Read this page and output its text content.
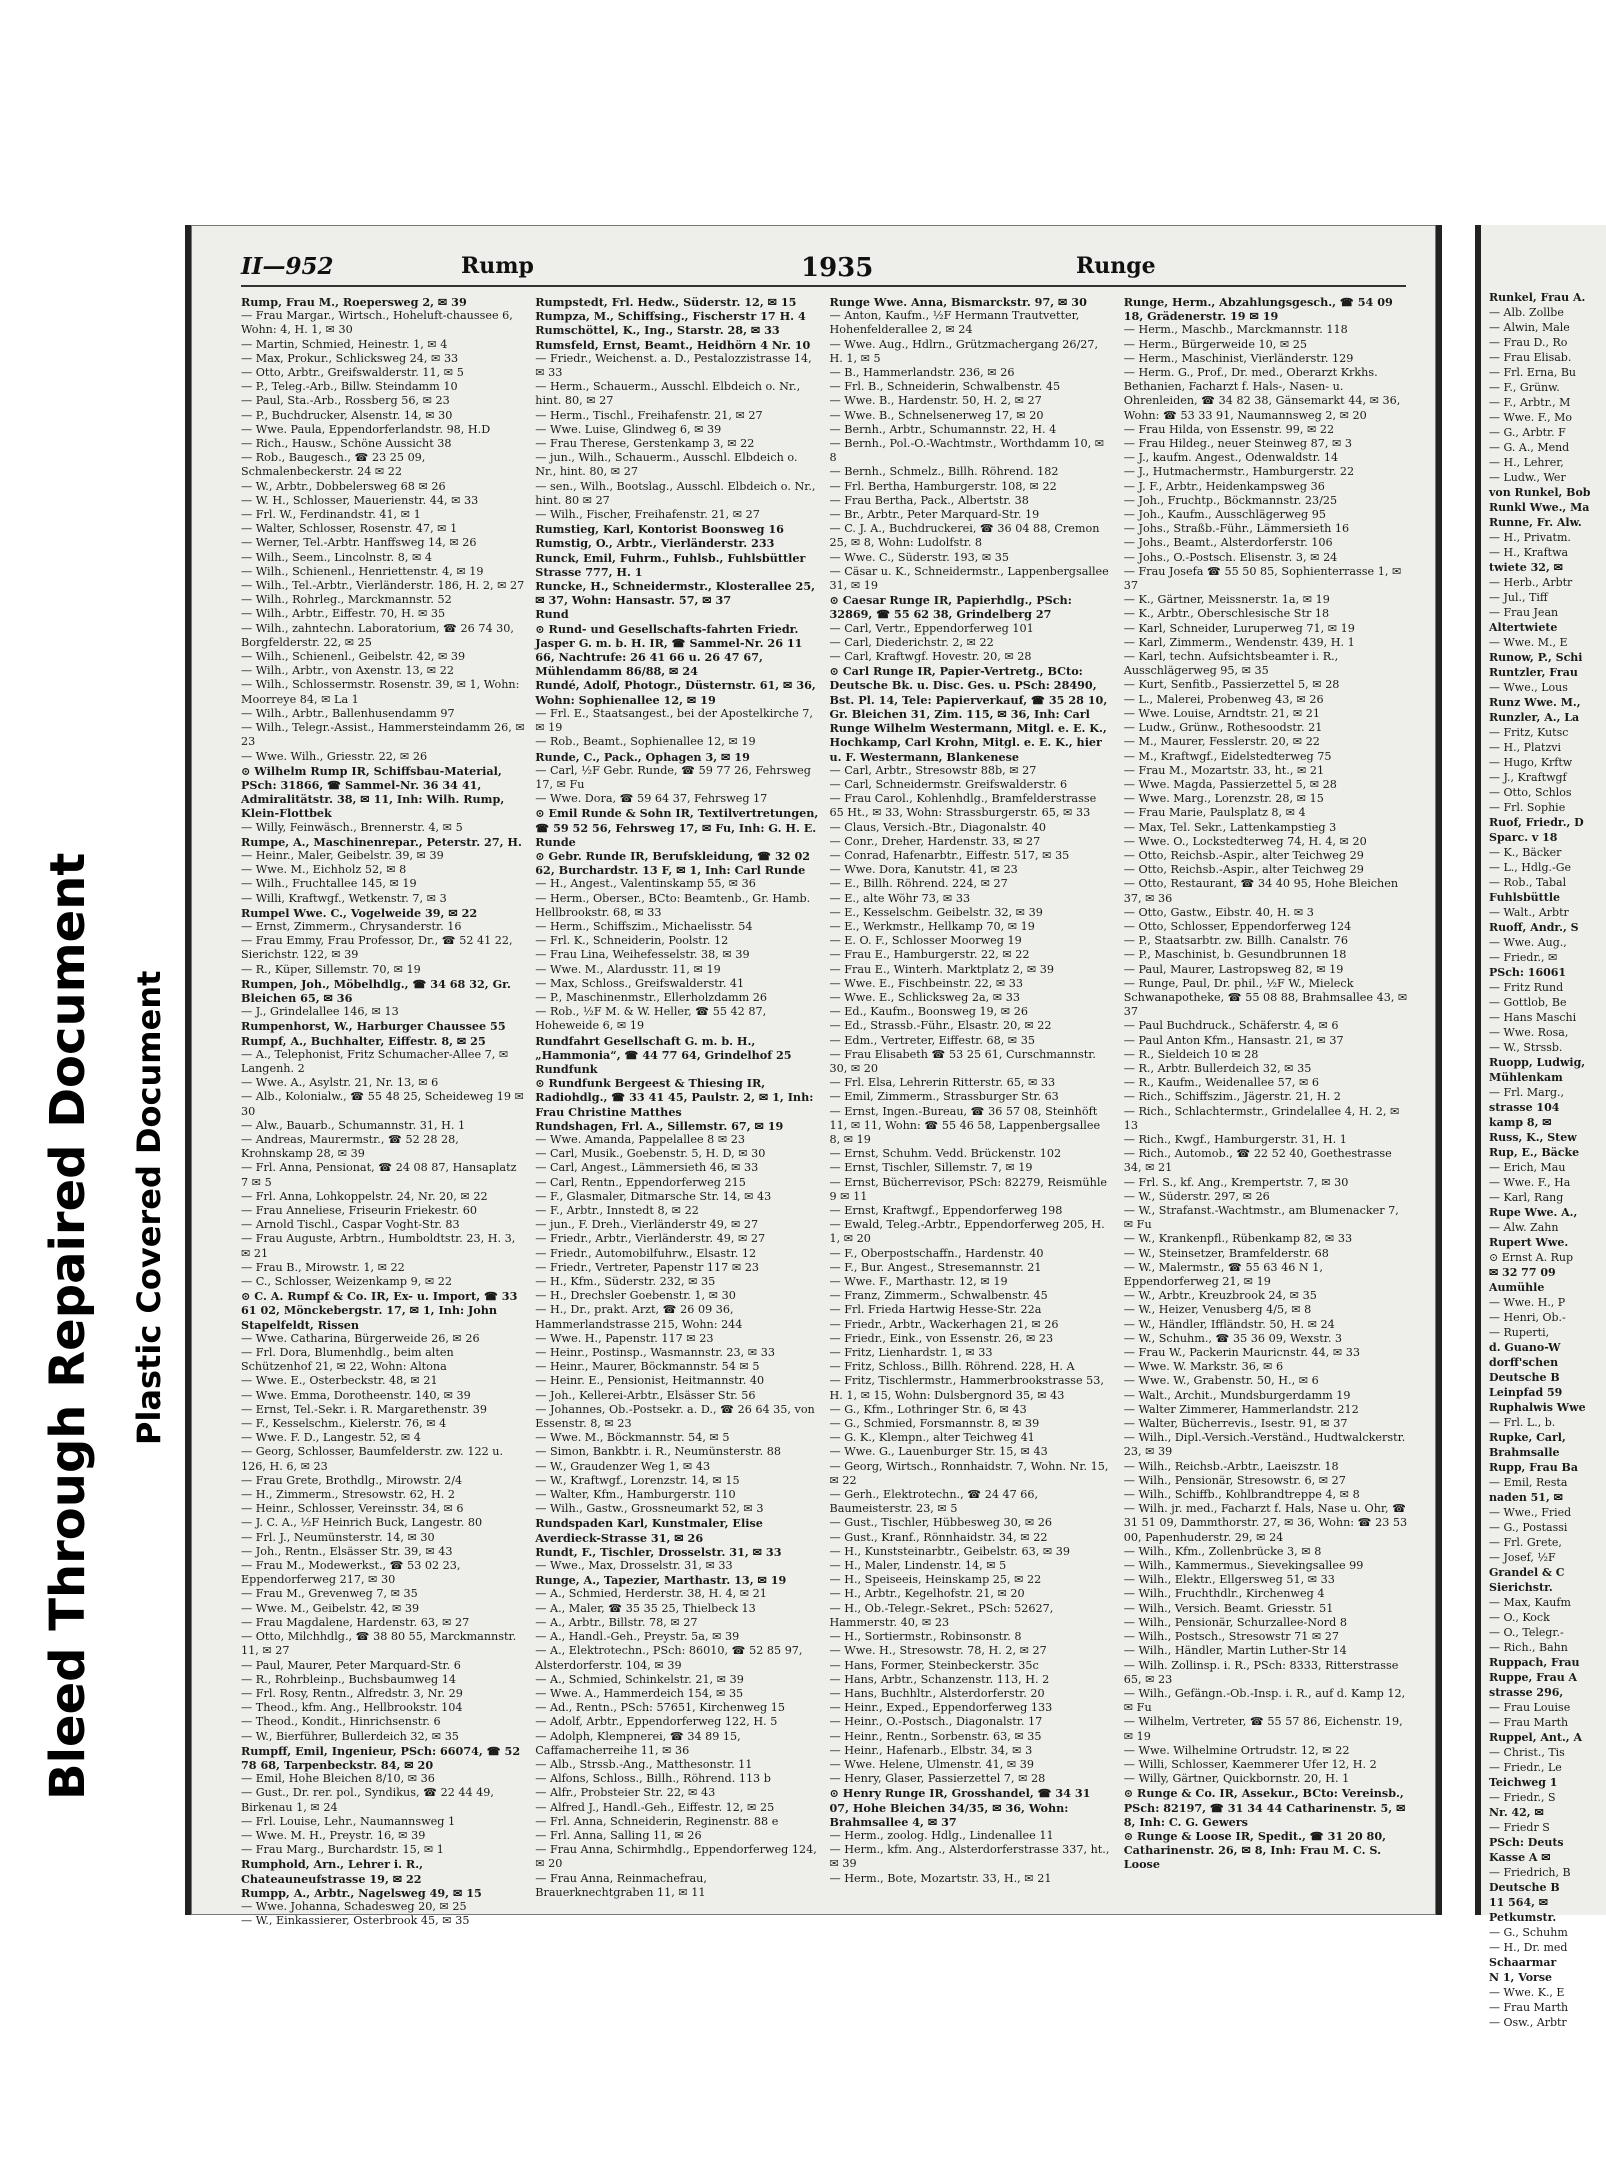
Bleed Through Repaired Document Plastic Covered Document
II—952	Rump	1935	Runge
Rump, Frau M., Roepersweg 2, ✉ 39
— Frau Margar., Wirtsch., Hoheluft-chaussee 6, Wohn: 4, H. 1, ✉ 30
— Martin, Schmied, Heinestr. 1, ✉ 4
— Max, Prokur., Schlicksweg 24, ✉ 33
— Otto, Arbtr., Greifswalderstr. 11, ✉ 5
— P., Teleg.-Arb., Billw. Steindamm 10
— Paul, Sta.-Arb., Rossberg 56, ✉ 23
— P., Buchdrucker, Alsenstr. 14, ✉ 30
— Wwe. Paula, Eppendorferlandstr. 98, H.D
— Rich., Hausw., Schöne Aussicht 38
— Rob., Baugesch., ☎ 23 25 09, Schmalenbeckerstr. 24 ✉ 22
— W., Arbtr., Dobbelersweg 68 ✉ 26
— W. H., Schlosser, Mauerienstr. 44, ✉ 33
— Frl. W., Ferdinandstr. 41, ✉ 1
— Walter, Schlosser, Rosenstr. 47, ✉ 1
— Werner, Tel.-Arbtr. Hanffsweg 14, ✉ 26
— Wilh., Seem., Lincolnstr. 8, ✉ 4
— Wilh., Schienenl., Henriettenstr. 4, ✉ 19
— Wilh., Tel.-Arbtr., Vierländerstr. 186, H. 2, ✉ 27
— Wilh., Rohrleg., Marckmannstr. 52
— Wilh., Arbtr., Eiffestr. 70, H. ✉ 35
— Wilh., zahntechn. Laboratorium, ☎ 26 74 30, Borgfelderstr. 22, ✉ 25
— Wilh., Schienenl., Geibelstr. 42, ✉ 39
— Wilh., Arbtr., von Axenstr. 13, ✉ 22
— Wilh., Schlossermstr. Rosenstr. 39, ✉ 1, Wohn: Moorreye 84, ✉ La 1
— Wilh., Arbtr., Ballenhusendamm 97
— Wilh., Telegr.-Assist., Hammersteindamm 26, ✉ 23
— Wwe. Wilh., Griesstr. 22, ✉ 26
⊙ Wilhelm Rump IR, Schiffsbau-Material, PSch: 31866, ☎ Sammel-Nr. 36 34 41, Admiralitätstr. 38, ✉ 11, Inh: Wilh. Rump, Klein-Flottbek
— Willy, Feinwäsch., Brennerstr. 4, ✉ 5
Rumpe, A., Maschinenrepar., Peterstr. 27, H.
— Heinr., Maler, Geibelstr. 39, ✉ 39
— Wwe. M., Eichholz 52, ✉ 8
— Wilh., Fruchtallee 145, ✉ 19
— Willi, Kraftwgf., Wetkenstr. 7, ✉ 3
Rumpel Wwe. C., Vogelweide 39, ✉ 22
— Ernst, Zimmerm., Chrysanderstr. 16
— Frau Emmy, Frau Professor, Dr., ☎ 52 41 22, Sierichstr. 122, ✉ 39
— R., Küper, Sillemstr. 70, ✉ 19
Rumpen, Joh., Möbelhdlg., ☎ 34 68 32, Gr. Bleichen 65, ✉ 36
— J., Grindelallee 146, ✉ 13
Rumpenhorst, W., Harburger Chaussee 55
Rumpf, A., Buchhalter, Eiffestr. 8, ✉ 25
— A., Telephonist, Fritz Schumacher-Allee 7, ✉ Langenh. 2
— Wwe. A., Asylstr. 21, Nr. 13, ✉ 6
— Alb., Kolonialw., ☎ 55 48 25, Scheideweg 19 ✉ 30
— Alw., Bauarb., Schumannstr. 31, H. 1
— Andreas, Maurermstr., ☎ 52 28 28, Krohnskamp 28, ✉ 39
— Frl. Anna, Pensionat, ☎ 24 08 87, Hansaplatz 7 ✉ 5
— Frl. Anna, Lohkoppelstr. 24, Nr. 20, ✉ 22
— Frau Anneliese, Friseurin Friekestr. 60
— Arnold Tischl., Caspar Voght-Str. 83
— Frau Auguste, Arbtrn., Humboldtstr. 23, H. 3, ✉ 21
— Frau B., Mirowstr. 1, ✉ 22
— C., Schlosser, Weizenkamp 9, ✉ 22
⊙ C. A. Rumpf & Co. IR, Ex- u. Import, ☎ 33 61 02, Mönckebergstr. 17, ✉ 1, Inh: John Stapelfeldt, Rissen
— Wwe. Catharina, Bürgerweide 26, ✉ 26
— Frl. Dora, Blumenhdlg., beim alten Schützenhof 21, ✉ 22, Wohn: Altona
— Wwe. E., Osterbeckstr. 48, ✉ 21
— Wwe. Emma, Dorotheenstr. 140, ✉ 39
— Ernst, Tel.-Sekr. i. R. Margarethenstr. 39
— F., Kesselschm., Kielerstr. 76, ✉ 4
— Wwe. F. D., Langestr. 52, ✉ 4
— Georg, Schlosser, Baumfelderstr. zw. 122 u. 126, H. 6, ✉ 23
— Frau Grete, Brothdlg., Mirowstr. 2/4
— H., Zimmerm., Stresowstr. 62, H. 2
— Heinr., Schlosser, Vereinsstr. 34, ✉ 6
— J. C. A., ½F Heinrich Buck, Langestr. 80
— Frl. J., Neumünsterstr. 14, ✉ 30
— Joh., Rentn., Elsässer Str. 39, ✉ 43
— Frau M., Modewerkst., ☎ 53 02 23, Eppendorferweg 217, ✉ 30
— Frau M., Grevenweg 7, ✉ 35
— Wwe. M., Geibelstr. 42, ✉ 39
— Frau Magdalene, Hardenstr. 63, ✉ 27
— Otto, Milchhdlg., ☎ 38 80 55, Marckmannstr. 11, ✉ 27
— Paul, Maurer, Peter Marquard-Str. 6
— R., Rohrbleinp., Buchsbaumweg 14
— Frl. Rosy, Rentn., Alfredstr. 3, Nr. 29
— Theod., kfm. Ang., Hellbrookstr. 104
— Theod., Kondit., Hinrichsenstr. 6
— W., Bierführer, Bullerdeich 32, ✉ 35
Rumpff, Emil, Ingenieur, PSch: 66074, ☎ 52 78 68, Tarpenbeckstr. 84, ✉ 20
— Emil, Hohe Bleichen 8/10, ✉ 36
— Gust., Dr. rer. pol., Syndikus, ☎ 22 44 49, Birkenau 1, ✉ 24
— Frl. Louise, Lehr., Naumannsweg 1
— Wwe. M. H., Preystr. 16, ✉ 39
— Frau Marg., Burchardstr. 15, ✉ 1
Rumphold, Arn., Lehrer i. R., Chateauneufstrasse 19, ✉ 22
Rumpp, A., Arbtr., Nagelsweg 49, ✉ 15
— Wwe. Johanna, Schadesweg 20, ✉ 25
— W., Einkassierer, Osterbrook 45, ✉ 35
Rumpstedt, Frl. Hedw., Süderstr. 12, ✉ 15
Rumpza, M., Schiffsing., Fischerstr 17 H. 4
Rumschöttel, K., Ing., Starstr. 28, ✉ 33
Rumsfeld, Ernst, Beamt., Heidhörn 4 Nr. 10
— Friedr., Weichenst. a. D., Pestalozzistrasse 14, ✉ 33
— Herm., Schauerm., Ausschl. Elbdeich o. Nr., hint. 80, ✉ 27
— Herm., Tischl., Freihafenstr. 21, ✉ 27
— Wwe. Luise, Glindweg 6, ✉ 39
— Frau Therese, Gerstenkamp 3, ✉ 22
— jun., Wilh., Schauerm., Ausschl. Elbdeich o. Nr., hint. 80, ✉ 27
— sen., Wilh., Bootslag., Ausschl. Elbdeich o. Nr., hint. 80 ✉ 27
— Wilh., Fischer, Freihafenstr. 21, ✉ 27
Rumstieg, Karl, Kontorist Boonsweg 16
Rumstig, O., Arbtr., Vierländerstr. 233
Runck, Emil, Fuhrm., Fuhlsb., Fuhlsbüttler Strasse 777, H. 1
Runcke, H., Schneidermstr., Klosterallee 25, ✉ 37, Wohn: Hansastr. 57, ✉ 37
Rund
⊙ Rund- und Gesellschafts-fahrten Friedr. Jasper G. m. b. H. IR, ☎ Sammel-Nr. 26 11 66, Nachtrufe: 26 41 66 u. 26 47 67, Mühlendamm 86/88, ✉ 24
Rundé, Adolf, Photogr., Düsternstr. 61, ✉ 36, Wohn: Sophienallee 12, ✉ 19
— Frl. E., Staatsangest., bei der Apostelkirche 7, ✉ 19
— Rob., Beamt., Sophienallee 12, ✉ 19
Runde, C., Pack., Ophagen 3, ✉ 19
— Carl, ½F Gebr. Runde, ☎ 59 77 26, Fehrsweg 17, ✉ Fu
— Wwe. Dora, ☎ 59 64 37, Fehrsweg 17
⊙ Emil Runde & Sohn IR, Textilvertretungen, ☎ 59 52 56, Fehrsweg 17, ✉ Fu, Inh: G. H. E. Runde
⊙ Gebr. Runde IR, Berufskleidung, ☎ 32 02 62, Burchardstr. 13 F, ✉ 1, Inh: Carl Runde
— H., Angest., Valentinskamp 55, ✉ 36
— Herm., Oberser., BCto: Beamtenb., Gr. Hamb. Hellbrookstr. 68, ✉ 33
— Herm., Schiffszim., Michaelisstr. 54
— Frl. K., Schneiderin, Poolstr. 12
— Frau Lina, Weihefesselstr. 38, ✉ 39
— Wwe. M., Alardusstr. 11, ✉ 19
— Max, Schloss., Greifswalderstr. 41
— P., Maschinenmstr., Ellerholzdamm 26
— Rob., ½F M. & W. Heller, ☎ 55 42 87, Hoheweide 6, ✉ 19
Rundfahrt Gesellschaft G. m. b. H., „Hammonia“, ☎ 44 77 64, Grindelhof 25
Rundfunk
⊙ Rundfunk Bergeest & Thiesing IR, Radiohdlg., ☎ 33 41 45, Paulstr. 2, ✉ 1, Inh: Frau Christine Matthes
Rundshagen, Frl. A., Sillemstr. 67, ✉ 19
— Wwe. Amanda, Pappelallee 8 ✉ 23
— Carl, Musik., Goebenstr. 5, H. D, ✉ 30
— Carl, Angest., Lämmersieth 46, ✉ 33
— Carl, Rentn., Eppendorferweg 215
— F., Glasmaler, Ditmarsche Str. 14, ✉ 43
— F., Arbtr., Innstedt 8, ✉ 22
— jun., F. Dreh., Vierländerstr 49, ✉ 27
— Friedr., Arbtr., Vierländerstr. 49, ✉ 27
— Friedr., Automobilfuhrw., Elsastr. 12
— Friedr., Vertreter, Papenstr 117 ✉ 23
— H., Kfm., Süderstr. 232, ✉ 35
— H., Drechsler Goebenstr. 1, ✉ 30
— H., Dr., prakt. Arzt, ☎ 26 09 36, Hammerlandstrasse 215, Wohn: 244
— Wwe. H., Papenstr. 117 ✉ 23
— Heinr., Postinsp., Wasmannstr. 23, ✉ 33
— Heinr., Maurer, Böckmannstr. 54 ✉ 5
— Heinr. E., Pensionist, Heitmannstr. 40
— Joh., Kellerei-Arbtr., Elsässer Str. 56
— Johannes, Ob.-Postsekr. a. D., ☎ 26 64 35, von Essenstr. 8, ✉ 23
— Wwe. M., Böckmannstr. 54, ✉ 5
— Simon, Bankbtr. i. R., Neumünsterstr. 88
— W., Graudenzer Weg 1, ✉ 43
— W., Kraftwgf., Lorenzstr. 14, ✉ 15
— Walter, Kfm., Hamburgerstr. 110
— Wilh., Gastw., Grossneumarkt 52, ✉ 3
Rundspaden Karl, Kunstmaler, Elise Averdieck-Strasse 31, ✉ 26
Rundt, F., Tischler, Drosselstr. 31, ✉ 33
— Wwe., Max, Drosselstr. 31, ✉ 33
Runge, A., Tapezier, Marthastr. 13, ✉ 19
— A., Schmied, Herderstr. 38, H. 4, ✉ 21
— A., Maler, ☎ 35 35 25, Thielbeck 13
— A., Arbtr., Billstr. 78, ✉ 27
— A., Handl.-Geh., Preystr. 5a, ✉ 39
— A., Elektrotechn., PSch: 86010, ☎ 52 85 97, Alsterdorferstr. 104, ✉ 39
— A., Schmied, Schinkelstr. 21, ✉ 39
— Wwe. A., Hammerdeich 154, ✉ 35
— Ad., Rentn., PSch: 57651, Kirchenweg 15
— Adolf, Arbtr., Eppendorferweg 122, H. 5
— Adolph, Klempnerei, ☎ 34 89 15, Caffamacherreihe 11, ✉ 36
— Alb., Strssb.-Ang., Matthesonstr. 11
— Alfons, Schloss., Billh., Röhrend. 113 b
— Alfr., Probsteier Str. 22, ✉ 43
— Alfred J., Handl.-Geh., Eiffestr. 12, ✉ 25
— Frl. Anna, Schneiderin, Reginenstr. 88 e
— Frl. Anna, Salling 11, ✉ 26
— Frau Anna, Schirmhdlg., Eppendorferweg 124, ✉ 20
— Frau Anna, Reinmachefrau, Brauerknechtgraben 11, ✉ 11
Runge Wwe. Anna, Bismarckstr. 97, ✉ 30
— Anton, Kaufm., ½F Hermann Trautvetter, Hohenfelderallee 2, ✉ 24
— Wwe. Aug., Hdlrn., Grützmachergang 26/27, H. 1, ✉ 5
— B., Hammerlandstr. 236, ✉ 26
— Frl. B., Schneiderin, Schwalbenstr. 45
— Wwe. B., Hardenstr. 50, H. 2, ✉ 27
— Wwe. B., Schnelsenerweg 17, ✉ 20
— Bernh., Arbtr., Schumannstr. 22, H. 4
— Bernh., Pol.-O.-Wachtmstr., Worthdamm 10, ✉ 8
— Bernh., Schmelz., Billh. Röhrend. 182
— Frl. Bertha, Hamburgerstr. 108, ✉ 22
— Frau Bertha, Pack., Albertstr. 38
— Br., Arbtr., Peter Marquard-Str. 19
— C. J. A., Buchdruckerei, ☎ 36 04 88, Cremon 25, ✉ 8, Wohn: Ludolfstr. 8
— Wwe. C., Süderstr. 193, ✉ 35
— Cäsar u. K., Schneidermstr., Lappenbergsallee 31, ✉ 19
⊙ Caesar Runge IR, Papierhdlg., PSch: 32869, ☎ 55 62 38, Grindelberg 27
— Carl, Vertr., Eppendorferweg 101
— Carl, Diederichstr. 2, ✉ 22
— Carl, Kraftwgf. Hovestr. 20, ✉ 28
⊙ Carl Runge IR, Papier-Vertretg., BCto: Deutsche Bk. u. Disc. Ges. u. PSch: 28490, Bst. Pl. 14, Tele: Papierverkauf, ☎ 35 28 10, Gr. Bleichen 31, Zim. 115, ✉ 36, Inh: Carl Runge Wilhelm Westermann, Mitgl. e. E. K., Hochkamp, Carl Krohn, Mitgl. e. E. K., hier u. F. Westermann, Blankenese
— Carl, Arbtr., Stresowstr 88b, ✉ 27
— Carl, Schneidermstr. Greifswalderstr. 6
— Frau Carol., Kohlenhdlg., Bramfelderstrasse 65 Ht., ✉ 33, Wohn: Strassburgerstr. 65, ✉ 33
— Claus, Versich.-Btr., Diagonalstr. 40
— Conr., Dreher, Hardenstr. 33, ✉ 27
— Conrad, Hafenarbtr., Eiffestr. 517, ✉ 35
— Wwe. Dora, Kanutstr. 41, ✉ 23
— E., Billh. Röhrend. 224, ✉ 27
— E., alte Wöhr 73, ✉ 33
— E., Kesselschm. Geibelstr. 32, ✉ 39
— E., Werkmstr., Hellkamp 70, ✉ 19
— E. O. F., Schlosser Moorweg 19
— Frau E., Hamburgerstr. 22, ✉ 22
— Frau E., Winterh. Marktplatz 2, ✉ 39
— Wwe. E., Fischbeinstr. 22, ✉ 33
— Wwe. E., Schlicksweg 2a, ✉ 33
— Ed., Kaufm., Boonsweg 19, ✉ 26
— Ed., Strassb.-Führ., Elsastr. 20, ✉ 22
— Edm., Vertreter, Eiffestr. 68, ✉ 35
— Frau Elisabeth ☎ 53 25 61, Curschmannstr. 30, ✉ 20
— Frl. Elsa, Lehrerin Ritterstr. 65, ✉ 33
— Emil, Zimmerm., Strassburger Str. 63
— Ernst, Ingen.-Bureau, ☎ 36 57 08, Steinhöft 11, ✉ 11, Wohn: ☎ 55 46 58, Lappenbergsallee 8, ✉ 19
— Ernst, Schuhm. Vedd. Brückenstr. 102
— Ernst, Tischler, Sillemstr. 7, ✉ 19
— Ernst, Bücherrevisor, PSch: 82279, Reismühle 9 ✉ 11
— Ernst, Kraftwgf., Eppendorferweg 198
— Ewald, Teleg.-Arbtr., Eppendorferweg 205, H. 1, ✉ 20
— F., Oberpostschaffn., Hardenstr. 40
— F., Bur. Angest., Stresemannstr. 21
— Wwe. F., Marthastr. 12, ✉ 19
— Franz, Zimmerm., Schwalbenstr. 45
— Frl. Frieda Hartwig Hesse-Str. 22a
— Friedr., Arbtr., Wackerhagen 21, ✉ 26
— Friedr., Eink., von Essenstr. 26, ✉ 23
— Fritz, Lienhardstr. 1, ✉ 33
— Fritz, Schloss., Billh. Röhrend. 228, H. A
— Fritz, Tischlermstr., Hammerbrookstrasse 53, H. 1, ✉ 15, Wohn: Dulsbergnord 35, ✉ 43
— G., Kfm., Lothringer Str. 6, ✉ 43
— G., Schmied, Forsmannstr. 8, ✉ 39
— G. K., Klempn., alter Teichweg 41
— Wwe. G., Lauenburger Str. 15, ✉ 43
— Georg, Wirtsch., Ronnhaidstr. 7, Wohn. Nr. 15, ✉ 22
— Gerh., Elektrotechn., ☎ 24 47 66, Baumeisterstr. 23, ✉ 5
— Gust., Tischler, Hübbesweg 30, ✉ 26
— Gust., Kranf., Rönnhaidstr. 34, ✉ 22
— H., Kunststeinarbtr., Geibelstr. 63, ✉ 39
— H., Maler, Lindenstr. 14, ✉ 5
— H., Speiseeis, Heinskamp 25, ✉ 22
— H., Arbtr., Kegelhofstr. 21, ✉ 20
— H., Ob.-Telegr.-Sekret., PSch: 52627, Hammerstr. 40, ✉ 23
— H., Sortiermstr., Robinsonstr. 8
— Wwe. H., Stresowstr. 78, H. 2, ✉ 27
— Hans, Former, Steinbeckerstr. 35c
— Hans, Arbtr., Schanzenstr. 113, H. 2
— Hans, Buchhltr., Alsterdorferstr. 20
— Heinr., Exped., Eppendorferweg 133
— Heinr., O.-Postsch., Diagonalstr. 17
— Heinr., Rentn., Sorbenstr. 63, ✉ 35
— Heinr., Hafenarb., Elbstr. 34, ✉ 3
— Wwe. Helene, Ulmenstr. 41, ✉ 39
— Henry, Glaser, Passierzettel 7, ✉ 28
⊙ Henry Runge IR, Grosshandel, ☎ 34 31 07, Hohe Bleichen 34/35, ✉ 36, Wohn: Brahmsallee 4, ✉ 37
— Herm., zoolog. Hdlg., Lindenallee 11
— Herm., kfm. Ang., Alsterdorferstrasse 337, ht., ✉ 39
— Herm., Bote, Mozartstr. 33, H., ✉ 21
Runge, Herm., Abzahlungsgesch., ☎ 54 09 18, Grädenerstr. 19 ✉ 19
— Herm., Maschb., Marckmannstr. 118
— Herm., Bürgerweide 10, ✉ 25
— Herm., Maschinist, Vierländerstr. 129
— Herm. G., Prof., Dr. med., Oberarzt Krkhs. Bethanien, Facharzt f. Hals-, Nasen- u. Ohrenleiden, ☎ 34 82 38, Gänsemarkt 44, ✉ 36, Wohn: ☎ 53 33 91, Naumannsweg 2, ✉ 20
— Frau Hilda, von Essenstr. 99, ✉ 22
— Frau Hildeg., neuer Steinweg 87, ✉ 3
— J., kaufm. Angest., Odenwaldstr. 14
— J., Hutmachermstr., Hamburgerstr. 22
— J. F., Arbtr., Heidenkampsweg 36
— Joh., Fruchtp., Böckmannstr. 23/25
— Joh., Kaufm., Ausschlägerweg 95
— Johs., Straßb.-Führ., Lämmersieth 16
— Johs., Beamt., Alsterdorferstr. 106
— Johs., O.-Postsch. Elisenstr. 3, ✉ 24
— Frau Josefa ☎ 55 50 85, Sophienterrasse 1, ✉ 37
— K., Gärtner, Meissnerstr. 1a, ✉ 19
— K., Arbtr., Oberschlesische Str 18
— Karl, Schneider, Luruperweg 71, ✉ 19
— Karl, Zimmerm., Wendenstr. 439, H. 1
— Karl, techn. Aufsichtsbeamter i. R., Ausschlägerweg 95, ✉ 35
— Kurt, Senfitb., Passierzettel 5, ✉ 28
— L., Malerei, Probenweg 43, ✉ 26
— Wwe. Louise, Arndtstr. 21, ✉ 21
— Ludw., Grünw., Rothesoodstr. 21
— M., Maurer, Fesslerstr. 20, ✉ 22
— M., Kraftwgf., Eidelstedterweg 75
— Frau M., Mozartstr. 33, ht., ✉ 21
— Wwe. Magda, Passierzettel 5, ✉ 28
— Wwe. Marg., Lorenzstr. 28, ✉ 15
— Frau Marie, Paulsplatz 8, ✉ 4
— Max, Tel. Sekr., Lattenkampstieg 3
— Wwe. O., Lockstedterweg 74, H. 4, ✉ 20
— Otto, Reichsb.-Aspir., alter Teichweg 29
— Otto, Reichsb.-Aspir., alter Teichweg 29
— Otto, Restaurant, ☎ 34 40 95, Hohe Bleichen 37, ✉ 36
— Otto, Gastw., Eibstr. 40, H. ✉ 3
— Otto, Schlosser, Eppendorferweg 124
— P., Staatsarbtr. zw. Billh. Canalstr. 76
— P., Maschinist, b. Gesundbrunnen 18
— Paul, Maurer, Lastropsweg 82, ✉ 19
— Runge, Paul, Dr. phil., ½F W., Mieleck Schwanapotheke, ☎ 55 08 88, Brahmsallee 43, ✉ 37
— Paul Buchdruck., Schäferstr. 4, ✉ 6
— Paul Anton Kfm., Hansastr. 21, ✉ 37
— R., Sieldeich 10 ✉ 28
— R., Arbtr. Bullerdeich 32, ✉ 35
— R., Kaufm., Weidenallee 57, ✉ 6
— Rich., Schiffszim., Jägerstr. 21, H. 2
— Rich., Schlachtermstr., Grindelallee 4, H. 2, ✉ 13
— Rich., Kwgf., Hamburgerstr. 31, H. 1
— Rich., Automob., ☎ 22 52 40, Goethestrasse 34, ✉ 21
— Frl. S., kf. Ang., Krempertstr. 7, ✉ 30
— W., Süderstr. 297, ✉ 26
— W., Strafanst.-Wachtmstr., am Blumenacker 7, ✉ Fu
— W., Krankenpfl., Rübenkamp 82, ✉ 33
— W., Steinsetzer, Bramfelderstr. 68
— W., Malermstr., ☎ 55 63 46 N 1, Eppendorferweg 21, ✉ 19
— W., Arbtr., Kreuzbrook 24, ✉ 35
— W., Heizer, Venusberg 4/5, ✉ 8
— W., Händler, Iffländstr. 50, H. ✉ 24
— W., Schuhm., ☎ 35 36 09, Wexstr. 3
— Frau W., Packerin Mauricnstr. 44, ✉ 33
— Wwe. W. Markstr. 36, ✉ 6
— Wwe. W., Grabenstr. 50, H., ✉ 6
— Walt., Archit., Mundsburgerdamm 19
— Walter Zimmerer, Hammerlandstr. 212
— Walter, Bücherrevis., Isestr. 91, ✉ 37
— Wilh., Dipl.-Versich.-Verständ., Hudtwalckerstr. 23, ✉ 39
— Wilh., Reichsb.-Arbtr., Laeiszstr. 18
— Wilh., Pensionär, Stresowstr. 6, ✉ 27
— Wilh., Schiffb., Kohlbrandtreppe 4, ✉ 8
— Wilh. jr. med., Facharzt f. Hals, Nase u. Ohr, ☎ 31 51 09, Dammthorstr. 27, ✉ 36, Wohn: ☎ 23 53 00, Papenhuderstr. 29, ✉ 24
— Wilh., Kfm., Zollenbrücke 3, ✉ 8
— Wilh., Kammermus., Sievekingsallee 99
— Wilh., Elektr., Ellgersweg 51, ✉ 33
— Wilh., Fruchthdlr., Kirchenweg 4
— Wilh., Versich. Beamt. Griesstr. 51
— Wilh., Pensionär, Schurzallee-Nord 8
— Wilh., Postsch., Stresowstr 71 ✉ 27
— Wilh., Händler, Martin Luther-Str 14
— Wilh. Zollinsp. i. R., PSch: 8333, Ritterstrasse 65, ✉ 23
— Wilh., Gefängn.-Ob.-Insp. i. R., auf d. Kamp 12, ✉ Fu
— Wilhelm, Vertreter, ☎ 55 57 86, Eichenstr. 19, ✉ 19
— Wwe. Wilhelmine Ortrudstr. 12, ✉ 22
— Willi, Schlosser, Kaemmerer Ufer 12, H. 2
— Willy, Gärtner, Quickbornstr. 20, H. 1
⊙ Runge & Co. IR, Assekur., BCto: Vereinsb., PSch: 82197, ☎ 31 34 44 Catharinenstr. 5, ✉ 8, Inh: C. G. Gewers
⊙ Runge & Loose IR, Spedit., ☎ 31 20 80, Catharinenstr. 26, ✉ 8, Inh: Frau M. C. S. Loose
Runkel, Frau A.
— Alb. Zollbe
— Alwin, Male
— Frau D., Ro
— Frau Elisab.
— Frl. Erna, Bu
— F., Grünw.
— F., Arbtr., M
— Wwe. F., Mo
— G., Arbtr. F
— G. A., Mend
— H., Lehrer,
— Ludw., Wer
von Runkel, Bob
Runkl Wwe., Ma
Runne, Fr. Alw.
— H., Privatm.
— H., Kraftwa
twiete 32, ✉
— Herb., Arbtr
— Jul., Tiff
— Frau Jean
Altertwiete
— Wwe. M., E
Runow, P., Schi
Runtzler, Frau
— Wwe., Lous
Runz Wwe. M.,
Runzler, A., La
— Fritz, Kutsc
— H., Platzvi
— Hugo, Krftw
— J., Kraftwgf
— Otto, Schlos
— Frl. Sophie
Ruof, Friedr., D
Sparc. v 18
— K., Bäcker
— L., Hdlg.-Ge
— Rob., Tabal
Fuhlsbüttle
— Walt., Arbtr
Ruoff, Andr., S
— Wwe. Aug.,
— Friedr., ✉
PSch: 16061
— Fritz Rund
— Gottlob, Be
— Hans Maschi
— Wwe. Rosa,
— W., Strssb.
Ruopp, Ludwig,
Mühlenkam
— Frl. Marg.,
strasse 104
kamp 8, ✉
Russ, K., Stew
Rup, E., Bäcke
— Erich, Mau
— Wwe. F., Ha
— Karl, Rang
Rupe Wwe. A.,
— Alw. Zahn
Rupert Wwe.
⊙ Ernst A. Rup
✉ 32 77 09
Aumühle
— Wwe. H., P
— Henri, Ob.-
— Ruperti,
d. Guano-W
dorff'schen
Deutsche B
Leinpfad 59
Ruphalwis Wwe
— Frl. L., b.
Rupke, Carl,
Brahmsalle
Rupp, Frau Ba
— Emil, Resta
naden 51, ✉
— Wwe., Fried
— G., Postassi
— Frl. Grete,
— Josef, ½F
Grandel & C
Sierichstr.
— Max, Kaufm
— O., Kock
— O., Telegr.-
— Rich., Bahn
Ruppach, Frau
Ruppe, Frau A
strasse 296,
— Frau Louise
— Frau Marth
Ruppel, Ant., A
— Christ., Tis
— Friedr., Le
Teichweg 1
— Friedr., S
Nr. 42, ✉
— Friedr S
PSch: Deuts
Kasse A ✉
— Friedrich, B
Deutsche B
11 564, ✉
Petkumstr.
— G., Schuhm
— H., Dr. med
Schaarmar
N 1, Vorse
— Wwe. K., E
— Frau Marth
— Osw., Arbtr
